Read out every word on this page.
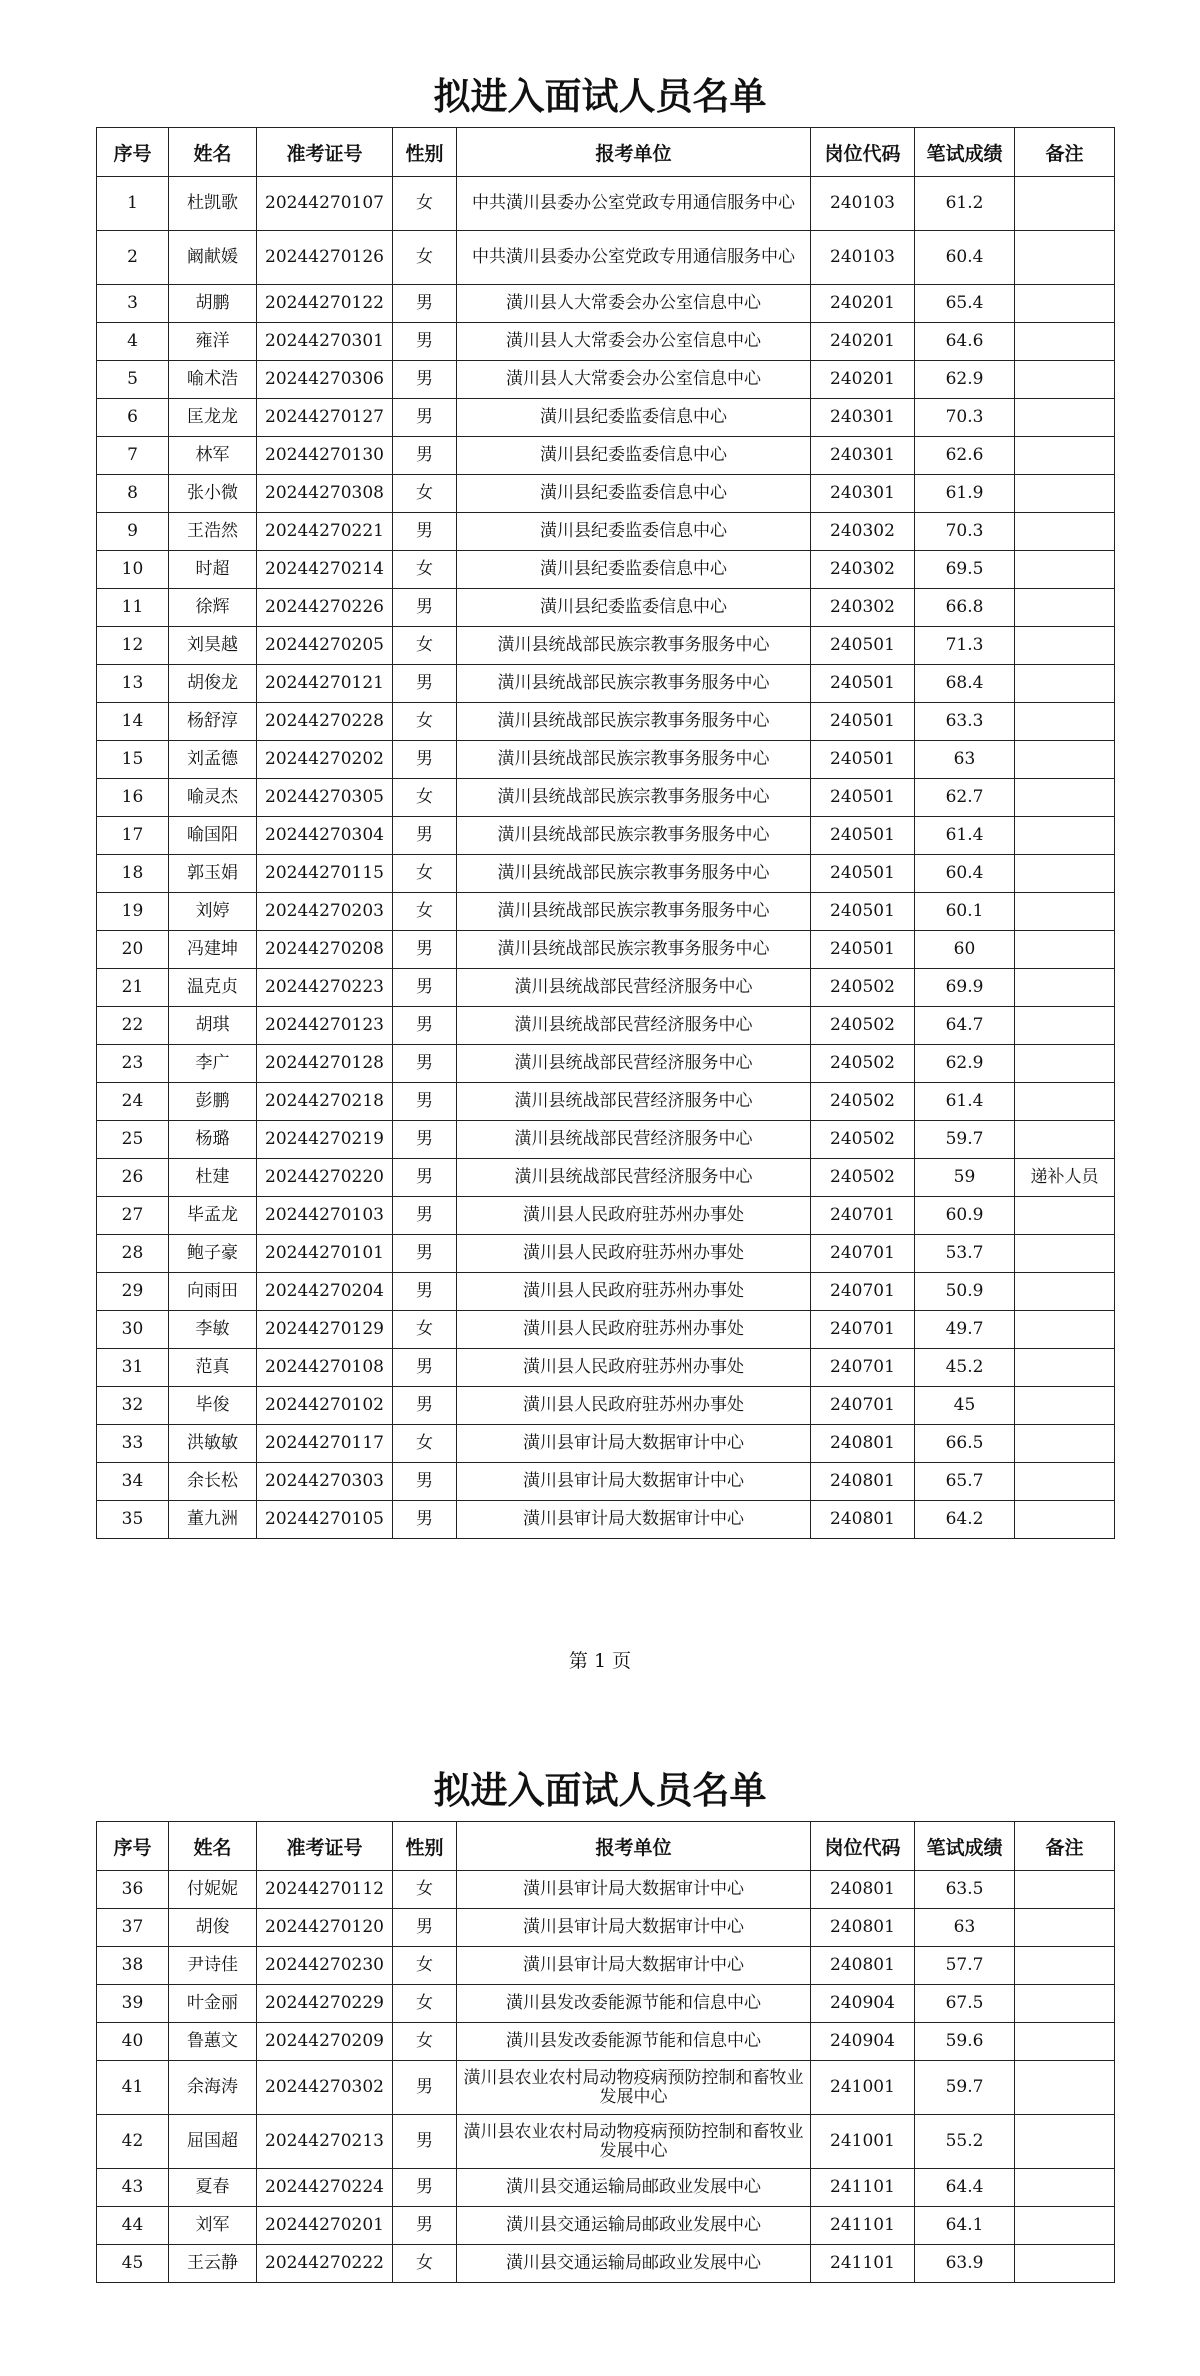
拟进入面试人员名单
序号	姓名	准考证号	性别	报考单位	岗位代码	笔试成绩	备注
1	杜凯歌	20244270107	女	中共潢川县委办公室党政专用通信服务中心	240103	61.2	
2	阚献媛	20244270126	女	中共潢川县委办公室党政专用通信服务中心	240103	60.4	
3	胡鹏	20244270122	男	潢川县人大常委会办公室信息中心	240201	65.4	
4	雍洋	20244270301	男	潢川县人大常委会办公室信息中心	240201	64.6	
5	喻术浩	20244270306	男	潢川县人大常委会办公室信息中心	240201	62.9	
6	匡龙龙	20244270127	男	潢川县纪委监委信息中心	240301	70.3	
7	林军	20244270130	男	潢川县纪委监委信息中心	240301	62.6	
8	张小微	20244270308	女	潢川县纪委监委信息中心	240301	61.9	
9	王浩然	20244270221	男	潢川县纪委监委信息中心	240302	70.3	
10	时超	20244270214	女	潢川县纪委监委信息中心	240302	69.5	
11	徐辉	20244270226	男	潢川县纪委监委信息中心	240302	66.8	
12	刘昊越	20244270205	女	潢川县统战部民族宗教事务服务中心	240501	71.3	
13	胡俊龙	20244270121	男	潢川县统战部民族宗教事务服务中心	240501	68.4	
14	杨舒淳	20244270228	女	潢川县统战部民族宗教事务服务中心	240501	63.3	
15	刘孟德	20244270202	男	潢川县统战部民族宗教事务服务中心	240501	63	
16	喻灵杰	20244270305	女	潢川县统战部民族宗教事务服务中心	240501	62.7	
17	喻国阳	20244270304	男	潢川县统战部民族宗教事务服务中心	240501	61.4	
18	郭玉娟	20244270115	女	潢川县统战部民族宗教事务服务中心	240501	60.4	
19	刘婷	20244270203	女	潢川县统战部民族宗教事务服务中心	240501	60.1	
20	冯建坤	20244270208	男	潢川县统战部民族宗教事务服务中心	240501	60	
21	温克贞	20244270223	男	潢川县统战部民营经济服务中心	240502	69.9	
22	胡琪	20244270123	男	潢川县统战部民营经济服务中心	240502	64.7	
23	李广	20244270128	男	潢川县统战部民营经济服务中心	240502	62.9	
24	彭鹏	20244270218	男	潢川县统战部民营经济服务中心	240502	61.4	
25	杨璐	20244270219	男	潢川县统战部民营经济服务中心	240502	59.7	
26	杜建	20244270220	男	潢川县统战部民营经济服务中心	240502	59	递补人员
27	毕孟龙	20244270103	男	潢川县人民政府驻苏州办事处	240701	60.9	
28	鲍子豪	20244270101	男	潢川县人民政府驻苏州办事处	240701	53.7	
29	向雨田	20244270204	男	潢川县人民政府驻苏州办事处	240701	50.9	
30	李敏	20244270129	女	潢川县人民政府驻苏州办事处	240701	49.7	
31	范真	20244270108	男	潢川县人民政府驻苏州办事处	240701	45.2	
32	毕俊	20244270102	男	潢川县人民政府驻苏州办事处	240701	45	
33	洪敏敏	20244270117	女	潢川县审计局大数据审计中心	240801	66.5	
34	余长松	20244270303	男	潢川县审计局大数据审计中心	240801	65.7	
35	董九洲	20244270105	男	潢川县审计局大数据审计中心	240801	64.2	
第 1 页
拟进入面试人员名单
序号	姓名	准考证号	性别	报考单位	岗位代码	笔试成绩	备注
36	付妮妮	20244270112	女	潢川县审计局大数据审计中心	240801	63.5	
37	胡俊	20244270120	男	潢川县审计局大数据审计中心	240801	63	
38	尹诗佳	20244270230	女	潢川县审计局大数据审计中心	240801	57.7	
39	叶金丽	20244270229	女	潢川县发改委能源节能和信息中心	240904	67.5	
40	鲁蕙文	20244270209	女	潢川县发改委能源节能和信息中心	240904	59.6	
41	余海涛	20244270302	男	潢川县农业农村局动物疫病预防控制和畜牧业发展中心	241001	59.7	
42	屈国超	20244270213	男	潢川县农业农村局动物疫病预防控制和畜牧业发展中心	241001	55.2	
43	夏春	20244270224	男	潢川县交通运输局邮政业发展中心	241101	64.4	
44	刘军	20244270201	男	潢川县交通运输局邮政业发展中心	241101	64.1	
45	王云静	20244270222	女	潢川县交通运输局邮政业发展中心	241101	63.9	
